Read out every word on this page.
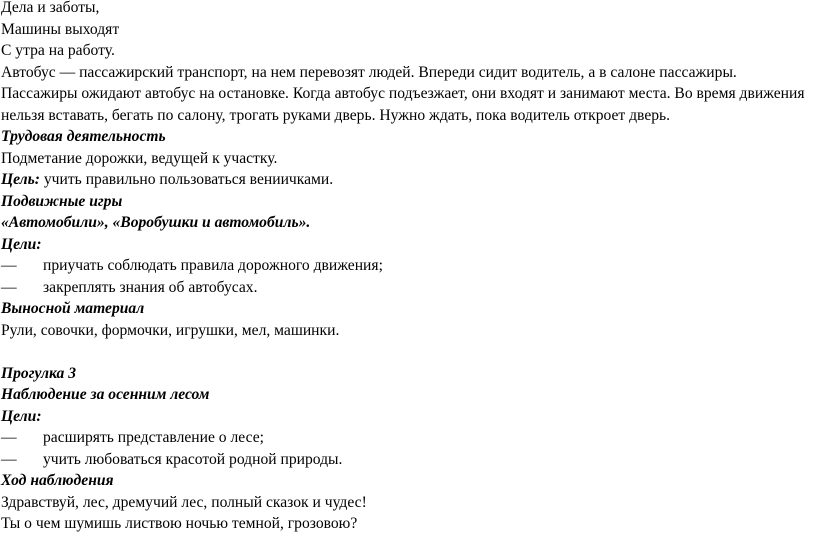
Дела и заботы,
Машины выходят
С утра на работу.
Автобус — пассажирский транспорт, на нем перевозят людей. Впереди сидит водитель, а в салоне пассажиры. Пассажиры ожидают автобус на остановке. Когда автобус подъезжает, они входят и занимают места. Во время движения нельзя вставать, бегать по салону, трогать руками дверь. Нужно ждать, пока водитель откроет дверь.
Трудовая деятельность
Подметание дорожки, ведущей к участку.
Цель: учить правильно пользоваться вениичками.
Подвижные игры
«Автомобили», «Воробушки и автомобиль».
Цели:
—	приучать соблюдать правила дорожного движения;
—	закреплять знания об автобусах.
Выносной материал
Рули, совочки, формочки, игрушки, мел, машинки.
Прогулка 3
Наблюдение за осенним лесом
Цели:
—	расширять представление о лесе;
—	учить любоваться красотой родной природы.
Ход наблюдения
Здравствуй, лес, дремучий лес, полный сказок и чудес!
Ты о чем шумишь листвою ночью темной, грозовою?
